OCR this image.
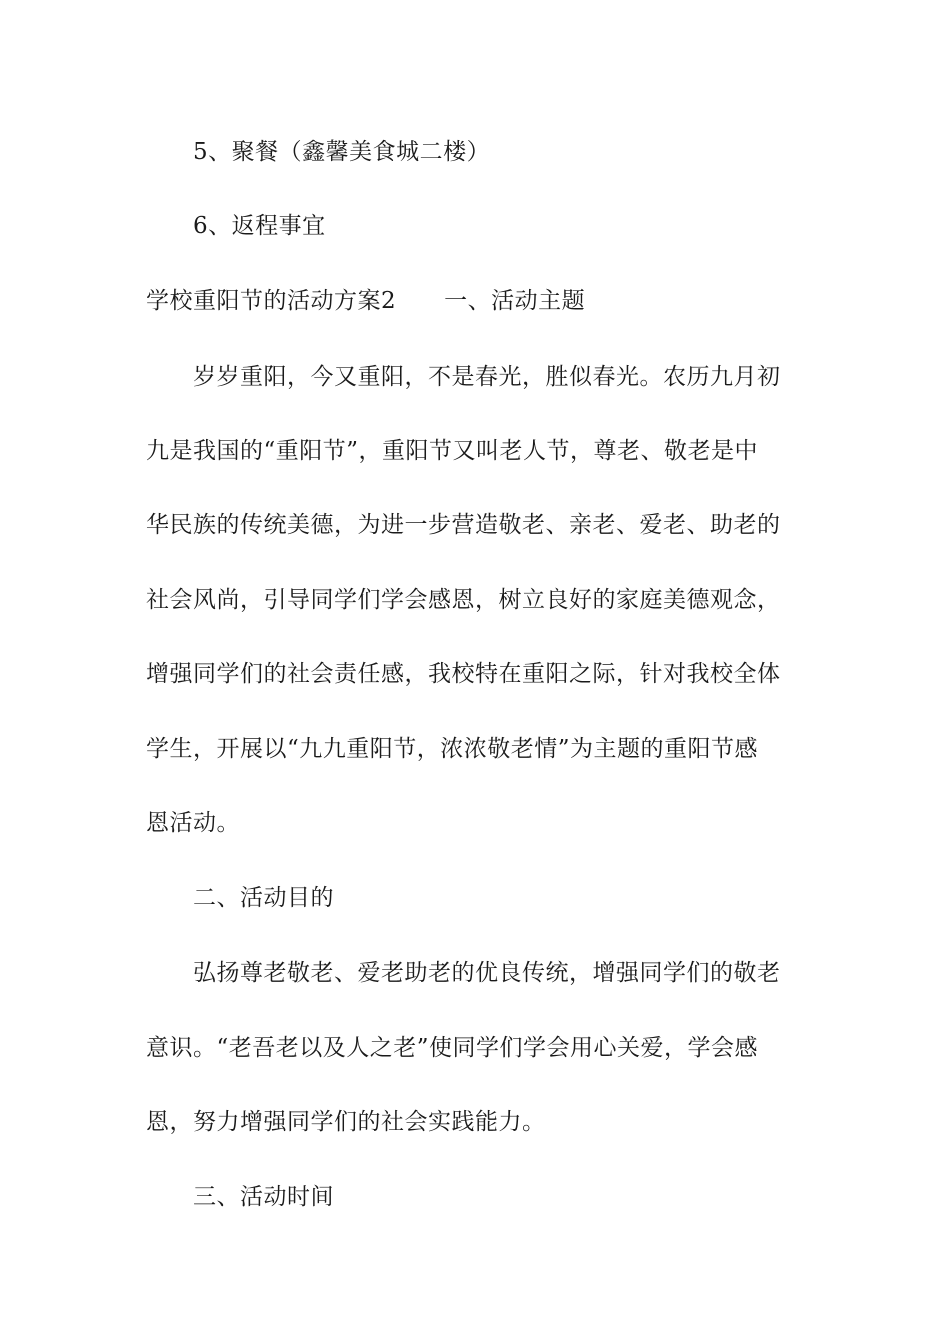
5、聚餐（鑫馨美食城二楼）
6、返程事宜
学校重阳节的活动方案2 一、活动主题
岁岁重阳，今又重阳，不是春光，胜似春光。农历九月初
九是我国的“重阳节”，重阳节又叫老人节，尊老、敬老是中
华民族的传统美德，为进一步营造敬老、亲老、爱老、助老的
社会风尚，引导同学们学会感恩，树立良好的家庭美德观念，
增强同学们的社会责任感，我校特在重阳之际，针对我校全体
学生，开展以“九九重阳节，浓浓敬老情”为主题的重阳节感
恩活动。
二、活动目的
弘扬尊老敬老、爱老助老的优良传统，增强同学们的敬老
意识。“老吾老以及人之老”使同学们学会用心关爱，学会感
恩，努力增强同学们的社会实践能力。
三、活动时间
